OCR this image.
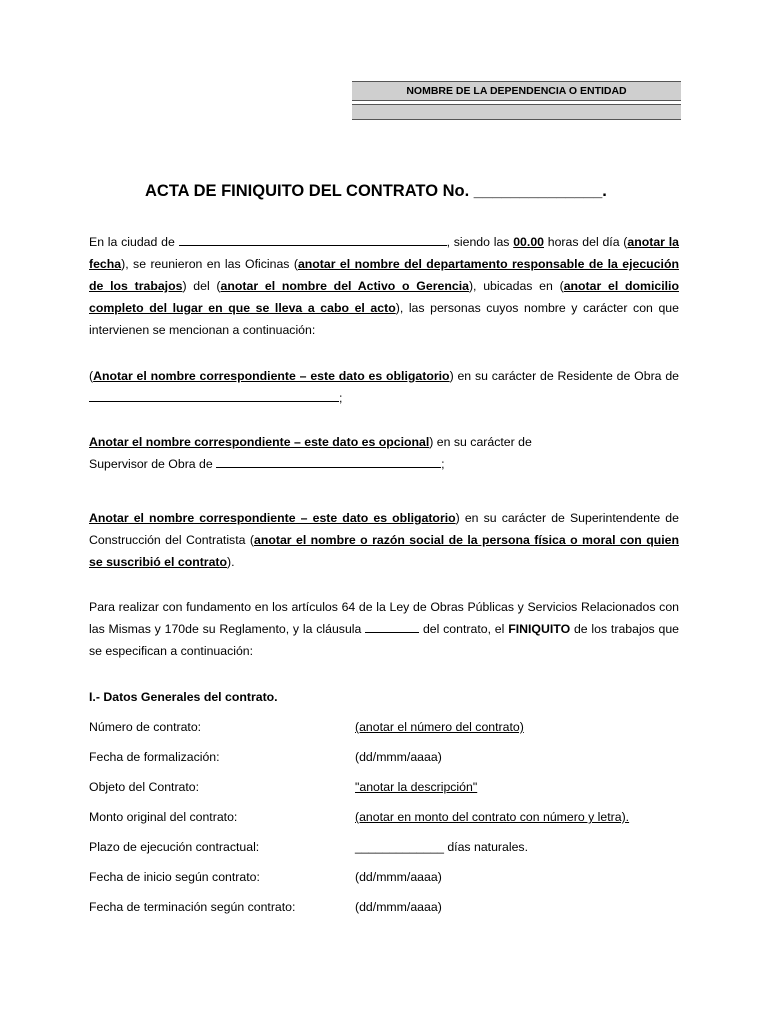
NOMBRE DE LA DEPENDENCIA O ENTIDAD
ACTA DE FINIQUITO DEL CONTRATO No. ______________.
En la ciudad de	, siendo las 00.00 horas del día (anotar la fecha), se reunieron en las Oficinas (anotar el nombre del departamento responsable de la ejecución de los trabajos) del (anotar el nombre del Activo o Gerencia), ubicadas en (anotar el domicilio completo del lugar en que se lleva a cabo el acto), las personas cuyos nombre y carácter con que intervienen se mencionan a continuación:
(Anotar el nombre correspondiente – este dato es obligatorio) en su carácter de Residente de Obra de;
Anotar el nombre correspondiente – este dato es opcional) en su carácter de
Supervisor de Obra de	;
Anotar el nombre correspondiente – este dato es obligatorio) en su carácter de Superintendente de Construcción del Contratista (anotar el nombre o razón social de la persona física o moral con quien se suscribió el contrato).
Para realizar con fundamento en los artículos 64 de la Ley de Obras Públicas y Servicios Relacionados con las Mismas y 170de su Reglamento, y la cláusula	del contrato, el FINIQUITO de los trabajos que se especifican a continuación:
I.- Datos Generales del contrato.
Número de contrato:	(anotar el número del contrato)
Fecha de formalización:	(dd/mmm/aaaa)
Objeto del Contrato:	"anotar la descripción"
Monto original del contrato:	(anotar en monto del contrato con número y letra).
Plazo de ejecución contractual:	_____________ días naturales.
Fecha de inicio según contrato:	(dd/mmm/aaaa)
Fecha de terminación según contrato:	(dd/mmm/aaaa)
